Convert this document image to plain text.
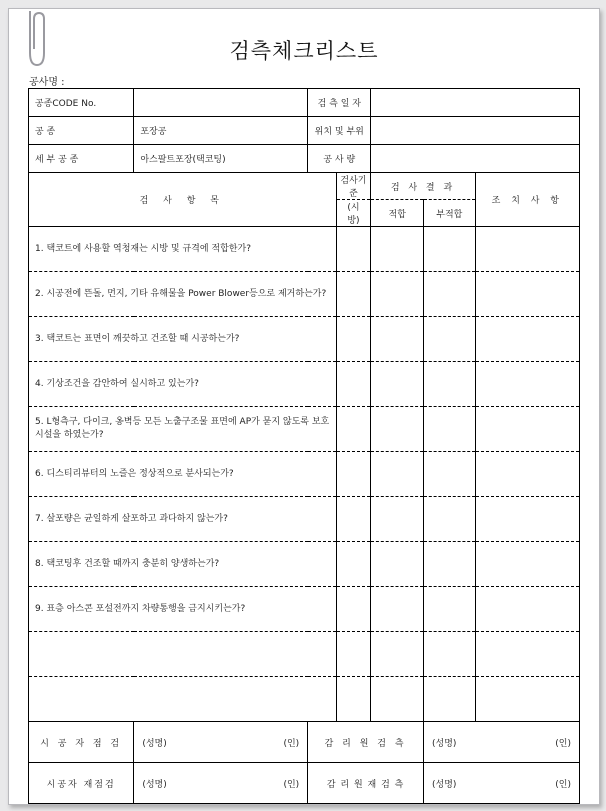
검측체크리스트
공사명 :
공종CODE No.		검 측 일 자				

공 종	포장공	위치 및 부위				
세 부 공 종	아스팔트포장(택코팅)	공 사 량				
검 사 항 목			검사기준	검 사 결 과		조 치 사 항
			(시방)	적합	부적합	
1. 택코트에 사용할 역청재는 시방 및 규격에 적합한가?						
2. 시공전에 뜬돌, 먼지, 기타 유해물을 Power Blower등으로 제거하는가?						
3. 택코트는 표면이 깨끗하고 건조할 때 시공하는가?						
4. 기상조건을 감안하여 실시하고 있는가?						
5. L형측구, 다이크, 옹벽등 모든 노출구조물 표면에 AP가 묻지 않도록 보호시설을 하였는가?						
6. 디스티리뷰터의 노즐은 정상적으로 분사되는가?						
7. 살포량은 균일하게 살포하고 과다하지 않는가?						
8. 택코팅후 건조할 때까지 충분히 양생하는가?						
9. 표층 아스콘 포설전까지 차량통행을 금지시키는가?						

시 공 자 점 검	(성명) (인)	감 리 원 검 측			(성명) (인)	

시공자 재점검	(성명) (인)	감 리 원 재 검 측			(성명) (인)	
